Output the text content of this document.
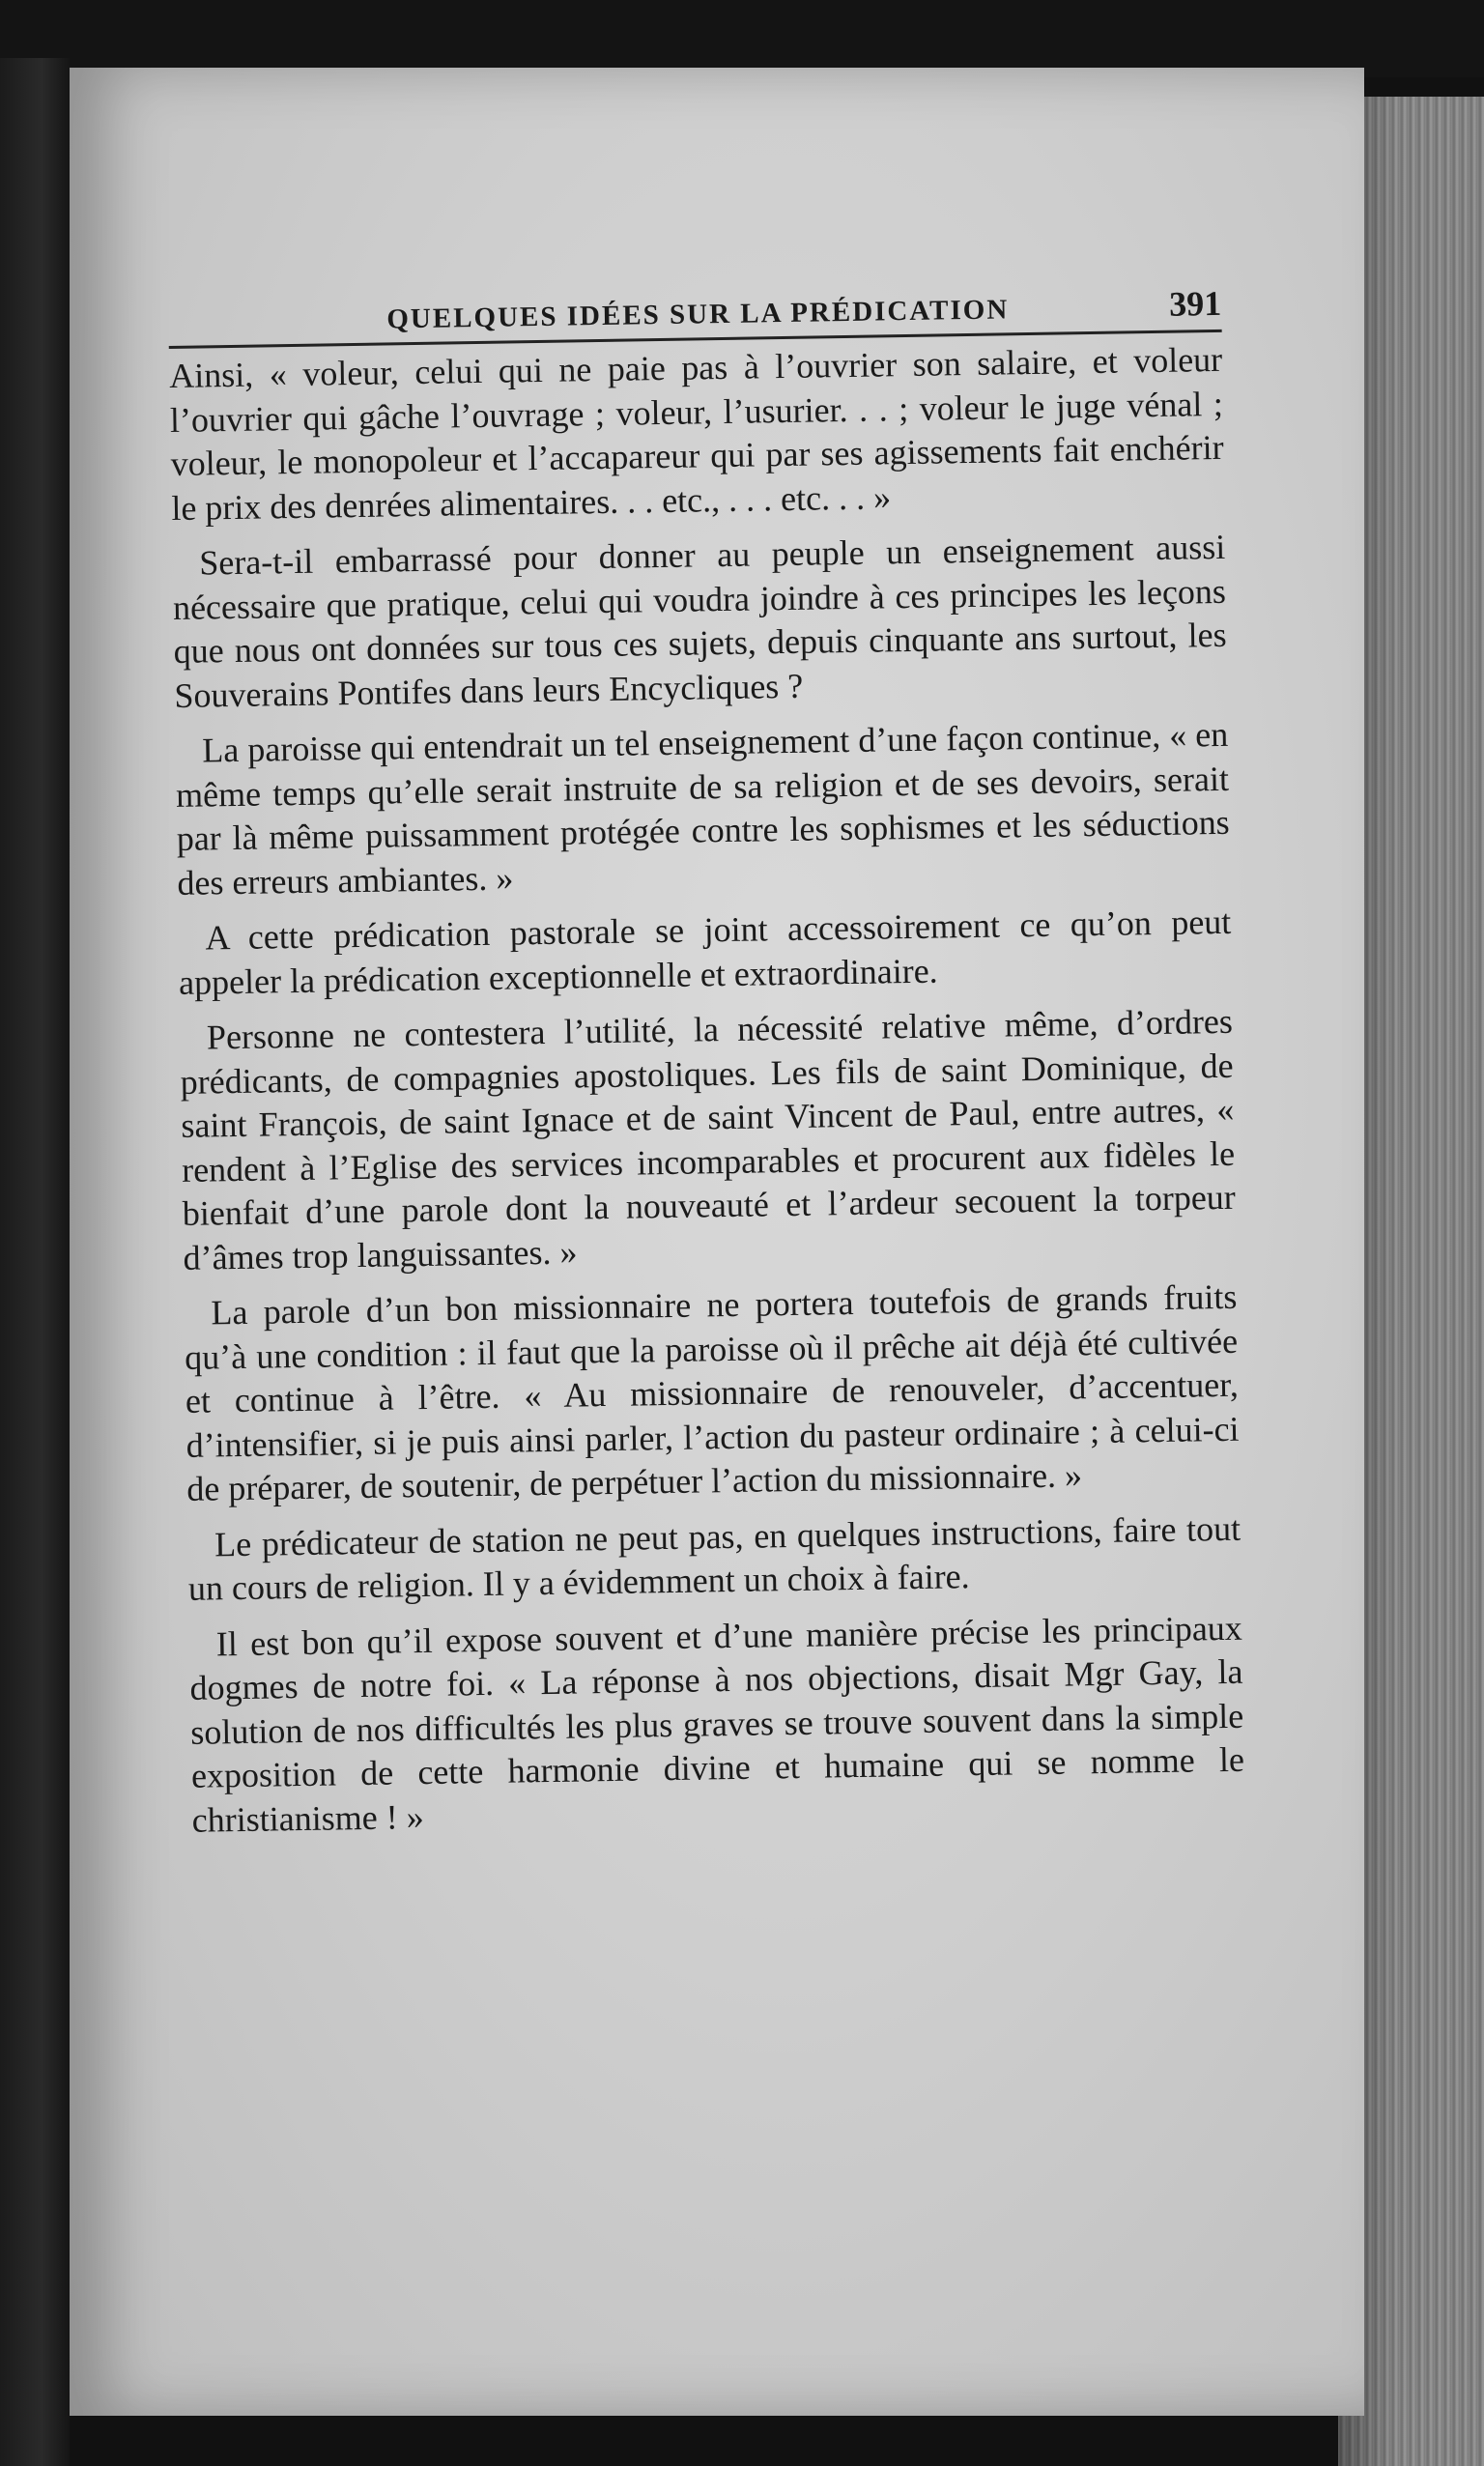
QUELQUES IDÉES SUR LA PRÉDICATION	391

Ainsi, « voleur, celui qui ne paie pas à l’ouvrier son salaire, et voleur l’ouvrier qui gâche l’ouvrage ; voleur, l’usurier. . . ; voleur le juge vénal ; voleur, le monopoleur et l’accapareur qui par ses agissements fait enchérir le prix des denrées alimentaires. . . etc., . . . etc. . . »

Sera-t-il embarrassé pour donner au peuple un enseignement aussi nécessaire que pratique, celui qui voudra joindre à ces principes les leçons que nous ont données sur tous ces sujets, depuis cinquante ans surtout, les Souverains Pontifes dans leurs Encycliques ?

La paroisse qui entendrait un tel enseignement d’une façon continue, « en même temps qu’elle serait instruite de sa religion et de ses devoirs, serait par là même puissamment protégée contre les sophismes et les séductions des erreurs ambiantes. »

A cette prédication pastorale se joint accessoirement ce qu’on peut appeler la prédication exceptionnelle et extraordinaire.

Personne ne contestera l’utilité, la nécessité relative même, d’ordres prédicants, de compagnies apostoliques. Les fils de saint Dominique, de saint François, de saint Ignace et de saint Vincent de Paul, entre autres, « rendent à l’Eglise des services incomparables et procurent aux fidèles le bienfait d’une parole dont la nouveauté et l’ardeur secouent la torpeur d’âmes trop languissantes. »

La parole d’un bon missionnaire ne portera toutefois de grands fruits qu’à une condition : il faut que la paroisse où il prêche ait déjà été cultivée et continue à l’être. « Au missionnaire de renouveler, d’accentuer, d’intensifier, si je puis ainsi parler, l’action du pasteur ordinaire ; à celui-ci de préparer, de soutenir, de perpétuer l’action du missionnaire. »

Le prédicateur de station ne peut pas, en quelques instructions, faire tout un cours de religion. Il y a évidemment un choix à faire.

Il est bon qu’il expose souvent et d’une manière précise les principaux dogmes de notre foi. « La réponse à nos objections, disait Mgr Gay, la solution de nos difficultés les plus graves se trouve souvent dans la simple exposition de cette harmonie divine et humaine qui se nomme le christianisme ! »
